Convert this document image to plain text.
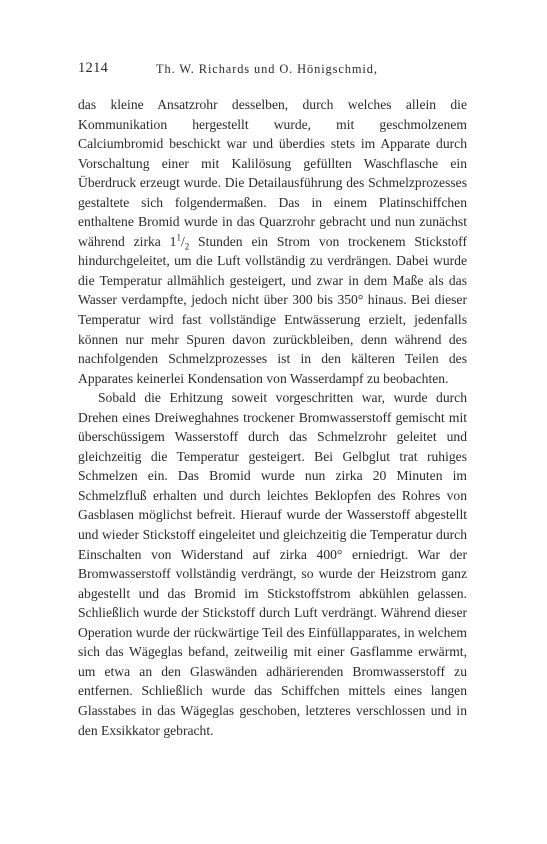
1214	Th. W. Richards und O. Hönigschmid,

das kleine Ansatzrohr desselben, durch welches allein die Kommunikation hergestellt wurde, mit geschmolzenem Calciumbromid beschickt war und überdies stets im Apparate durch Vorschaltung einer mit Kalilösung gefüllten Waschflasche ein Überdruck erzeugt wurde. Die Detailausführung des Schmelzprozesses gestaltete sich folgendermaßen. Das in einem Platinschiffchen enthaltene Bromid wurde in das Quarzrohr gebracht und nun zunächst während zirka $1^1/_2$ Stunden ein Strom von trockenem Stickstoff hindurchgeleitet, um die Luft vollständig zu verdrängen. Dabei wurde die Temperatur allmählich gesteigert, und zwar in dem Maße als das Wasser verdampfte, jedoch nicht über 300 bis 350° hinaus. Bei dieser Temperatur wird fast vollständige Entwässerung erzielt, jedenfalls können nur mehr Spuren davon zurückbleiben, denn während des nachfolgenden Schmelzprozesses ist in den kälteren Teilen des Apparates keinerlei Kondensation von Wasserdampf zu beobachten.

Sobald die Erhitzung soweit vorgeschritten war, wurde durch Drehen eines Dreiweghahnes trockener Bromwasserstoff gemischt mit überschüssigem Wasserstoff durch das Schmelzrohr geleitet und gleichzeitig die Temperatur gesteigert. Bei Gelbglut trat ruhiges Schmelzen ein. Das Bromid wurde nun zirka 20 Minuten im Schmelzfluß erhalten und durch leichtes Beklopfen des Rohres von Gasblasen möglichst befreit. Hierauf wurde der Wasserstoff abgestellt und wieder Stickstoff eingeleitet und gleichzeitig die Temperatur durch Einschalten von Widerstand auf zirka 400° erniedrigt. War der Bromwasserstoff vollständig verdrängt, so wurde der Heizstrom ganz abgestellt und das Bromid im Stickstoffstrom abkühlen gelassen. Schließlich wurde der Stickstoff durch Luft verdrängt. Während dieser Operation wurde der rückwärtige Teil des Einfüllapparates, in welchem sich das Wägeglas befand, zeitweilig mit einer Gasflamme erwärmt, um etwa an den Glaswänden adhärierenden Bromwasserstoff zu entfernen. Schließlich wurde das Schiffchen mittels eines langen Glasstabes in das Wägeglas geschoben, letzteres verschlossen und in den Exsikkator gebracht.
